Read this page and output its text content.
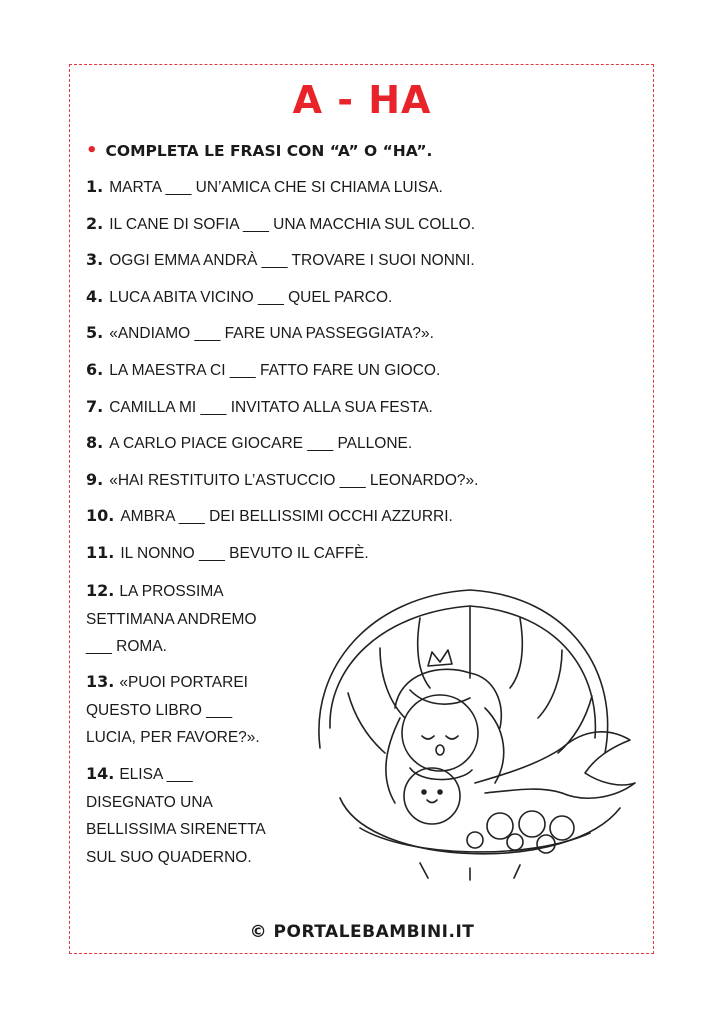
A - HA
• COMPLETA LE FRASI CON “A” O “HA”.
1. MARTA ___ UN’AMICA CHE SI CHIAMA LUISA.
2. IL CANE DI SOFIA ___ UNA MACCHIA SUL COLLO.
3. OGGI EMMA ANDRÀ ___ TROVARE I SUOI NONNI.
4. LUCA ABITA VICINO ___ QUEL PARCO.
5. «ANDIAMO ___ FARE UNA PASSEGGIATA?».
6. LA MAESTRA CI ___ FATTO FARE UN GIOCO.
7. CAMILLA MI ___ INVITATO ALLA SUA FESTA.
8. A CARLO PIACE GIOCARE ___ PALLONE.
9. «HAI RESTITUITO L’ASTUCCIO ___ LEONARDO?».
10. AMBRA ___ DEI BELLISSIMI OCCHI AZZURRI.
11. IL NONNO ___ BEVUTO IL CAFFÈ.
12. LA PROSSIMA SETTIMANA ANDREMO ___ ROMA.
13. «PUOI PORTAREI QUESTO LIBRO ___ LUCIA, PER FAVORE?».
14. ELISA ___ DISEGNATO UNA BELLISSIMA SIRENETTA SUL SUO QUADERNO.
© PORTALEBAMBINI.IT
